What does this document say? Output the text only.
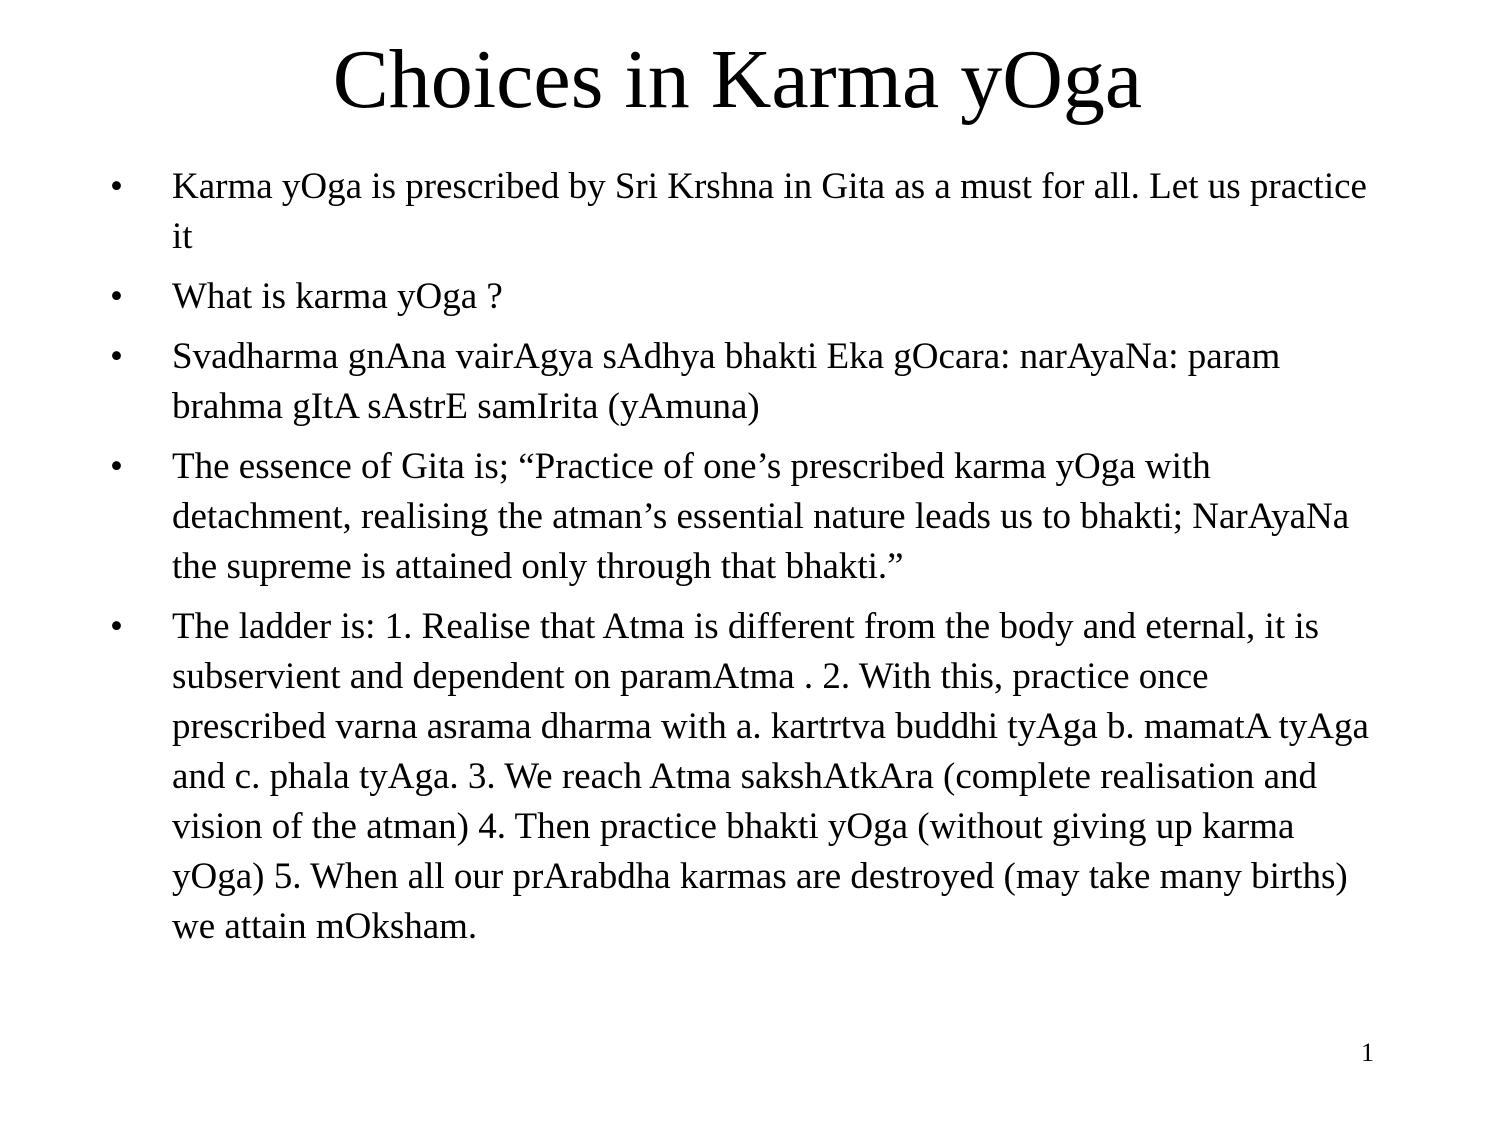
Choices in Karma yOga
•	Karma yOga is prescribed by Sri Krshna in Gita as a must for all. Let us practice it
•	What is karma yOga ?
•	Svadharma gnAna vairAgya sAdhya bhakti Eka gOcara: narAyaNa: param brahma gItA sAstrE samIrita (yAmuna)
•	The essence of Gita is; “Practice of one’s prescribed karma yOga with detachment, realising the atman’s essential nature leads us to bhakti; NarAyaNa the supreme is attained only through that bhakti.”
•	The ladder is: 1. Realise that Atma is different from the body and eternal, it is subservient and dependent on paramAtma . 2. With this, practice once prescribed varna asrama dharma with a. kartrtva buddhi tyAga b. mamatA tyAga and c. phala tyAga. 3. We reach Atma sakshAtkAra (complete realisation and vision of the atman) 4. Then practice bhakti yOga (without giving up karma yOga) 5. When all our prArabdha karmas are destroyed (may take many births) we attain mOksham.
1
